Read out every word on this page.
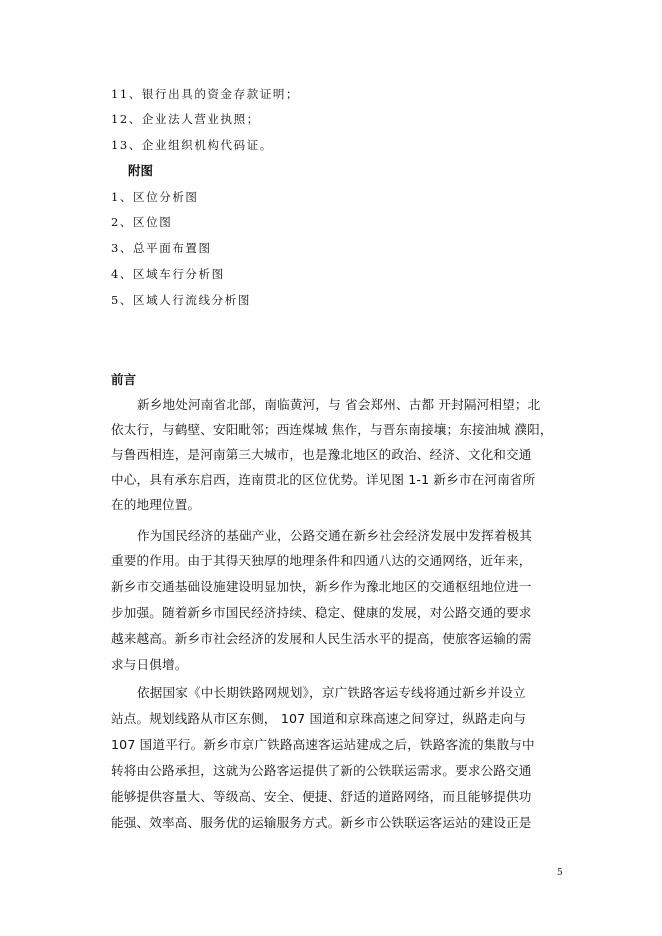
11、银行出具的资金存款证明；
12、企业法人营业执照；
13、企业组织机构代码证。
附图
1、区位分析图
2、区位图
3、总平面布置图
4、区域车行分析图
5、区域人行流线分析图
前言
新乡地处河南省北部，南临黄河，与 省会郑州、古都 开封隔河相望；北
依太行，与鹤壁、安阳毗邻；西连煤城 焦作，与晋东南接壤；东接油城 濮阳，
与鲁西相连，是河南第三大城市，也是豫北地区的政治、经济、文化和交通
中心，具有承东启西，连南贯北的区位优势。详见图 1-1 新乡市在河南省所
在的地理位置。
作为国民经济的基础产业，公路交通在新乡社会经济发展中发挥着极其
重要的作用。由于其得天独厚的地理条件和四通八达的交通网络，近年来，
新乡市交通基础设施建设明显加快，新乡作为豫北地区的交通枢纽地位进一
步加强。随着新乡市国民经济持续、稳定、健康的发展，对公路交通的要求
越来越高。新乡市社会经济的发展和人民生活水平的提高，使旅客运输的需
求与日俱增。
依据国家《中长期铁路网规划》，京广铁路客运专线将通过新乡并设立
站点。规划线路从市区东侧， 107 国道和京珠高速之间穿过，纵路走向与
107 国道平行。新乡市京广铁路高速客运站建成之后，铁路客流的集散与中
转将由公路承担，这就为公路客运提供了新的公铁联运需求。要求公路交通
能够提供容量大、等级高、安全、便捷、舒适的道路网络，而且能够提供功
能强、效率高、服务优的运输服务方式。新乡市公铁联运客运站的建设正是
5
